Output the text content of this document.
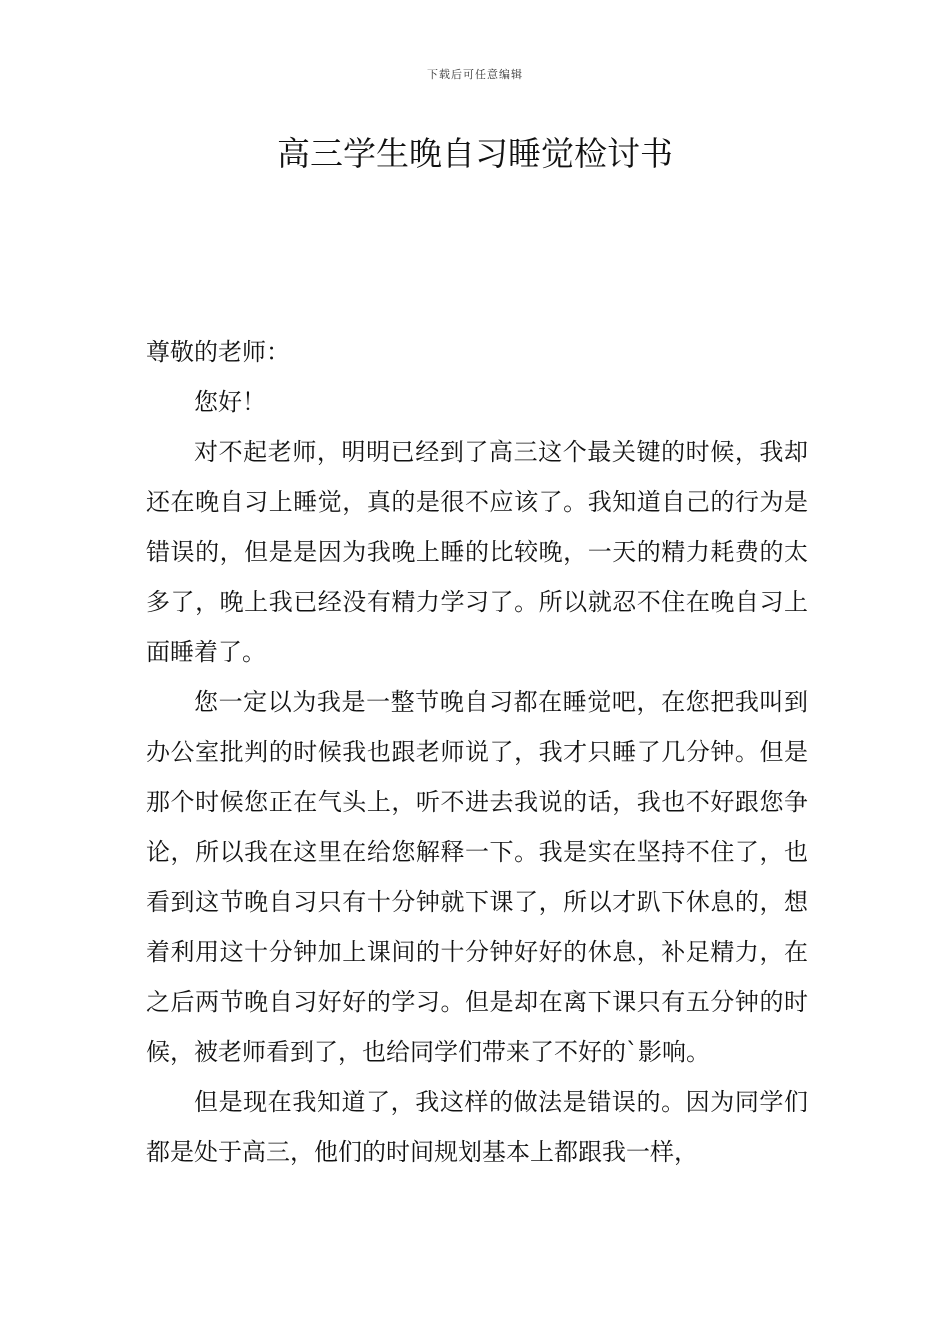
下载后可任意编辑
高三学生晚自习睡觉检讨书

尊敬的老师：

您好！

对不起老师，明明已经到了高三这个最关键的时候，我却还在晚自习上睡觉，真的是很不应该了。我知道自己的行为是错误的，但是是因为我晚上睡的比较晚，一天的精力耗费的太多了，晚上我已经没有精力学习了。所以就忍不住在晚自习上面睡着了。

您一定以为我是一整节晚自习都在睡觉吧，在您把我叫到办公室批判的时候我也跟老师说了，我才只睡了几分钟。但是那个时候您正在气头上，听不进去我说的话，我也不好跟您争论，所以我在这里在给您解释一下。我是实在坚持不住了，也看到这节晚自习只有十分钟就下课了，所以才趴下休息的，想着利用这十分钟加上课间的十分钟好好的休息，补足精力，在之后两节晚自习好好的学习。但是却在离下课只有五分钟的时候，被老师看到了，也给同学们带来了不好的`影响。

但是现在我知道了，我这样的做法是错误的。因为同学们都是处于高三，他们的时间规划基本上都跟我一样，
